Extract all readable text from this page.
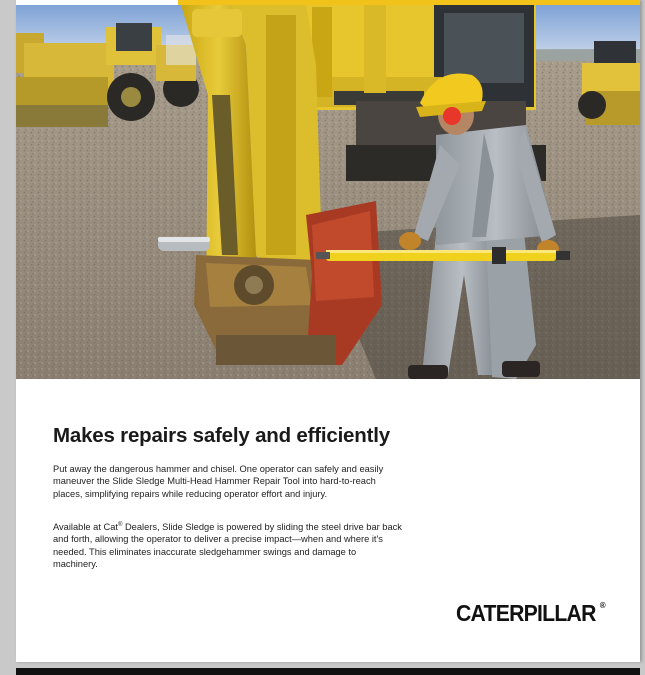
Makes repairs safely and efficiently

Put away the dangerous hammer and chisel. One operator can safely and easily maneuver the Slide Sledge Multi-Head Hammer Repair Tool into hard-to-reach places, simplifying repairs while reducing operator effort and injury.

Available at Cat® Dealers, Slide Sledge is powered by sliding the steel drive bar back and forth, allowing the operator to deliver a precise impact—when and where it's needed. This eliminates inaccurate sledgehammer swings and damage to machinery.

CATERPILLAR ®
